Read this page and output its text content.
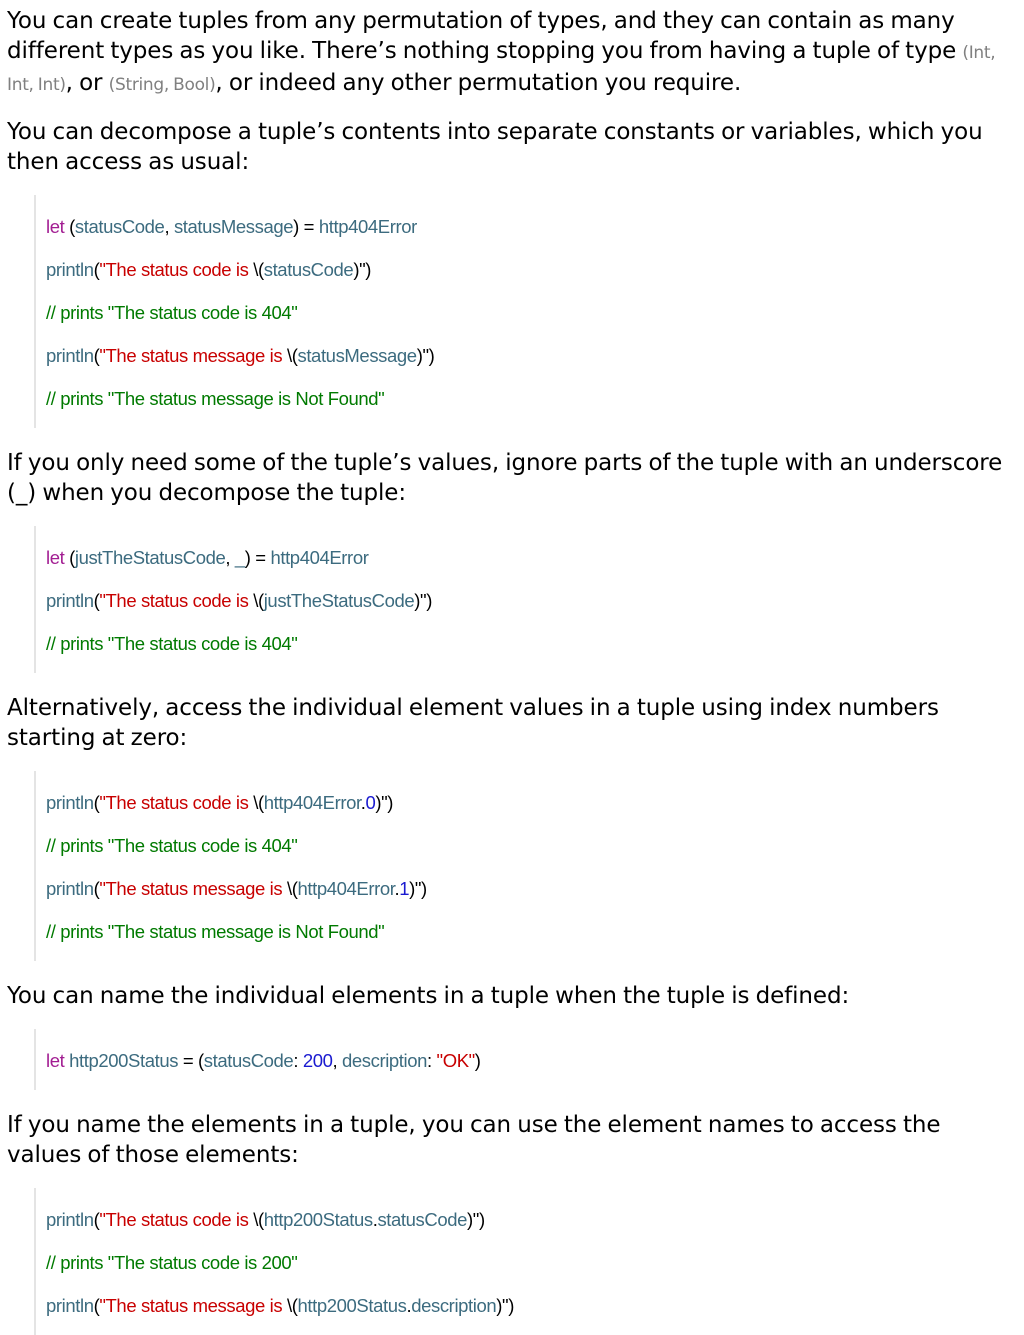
You can create tuples from any permutation of types, and they can contain as many different types as you like. There’s nothing stopping you from having a tuple of type (Int, Int, Int), or (String, Bool), or indeed any other permutation you require.

You can decompose a tuple’s contents into separate constants or variables, which you then access as usual:

let (statusCode, statusMessage) = http404Error
println("The status code is \(statusCode)")
// prints "The status code is 404"
println("The status message is \(statusMessage)")
// prints "The status message is Not Found"

If you only need some of the tuple’s values, ignore parts of the tuple with an underscore (_) when you decompose the tuple:

let (justTheStatusCode, _) = http404Error
println("The status code is \(justTheStatusCode)")
// prints "The status code is 404"

Alternatively, access the individual element values in a tuple using index numbers starting at zero:

println("The status code is \(http404Error.0)")
// prints "The status code is 404"
println("The status message is \(http404Error.1)")
// prints "The status message is Not Found"

You can name the individual elements in a tuple when the tuple is defined:

let http200Status = (statusCode: 200, description: "OK")

If you name the elements in a tuple, you can use the element names to access the values of those elements:

println("The status code is \(http200Status.statusCode)")
// prints "The status code is 200"
println("The status message is \(http200Status.description)")
